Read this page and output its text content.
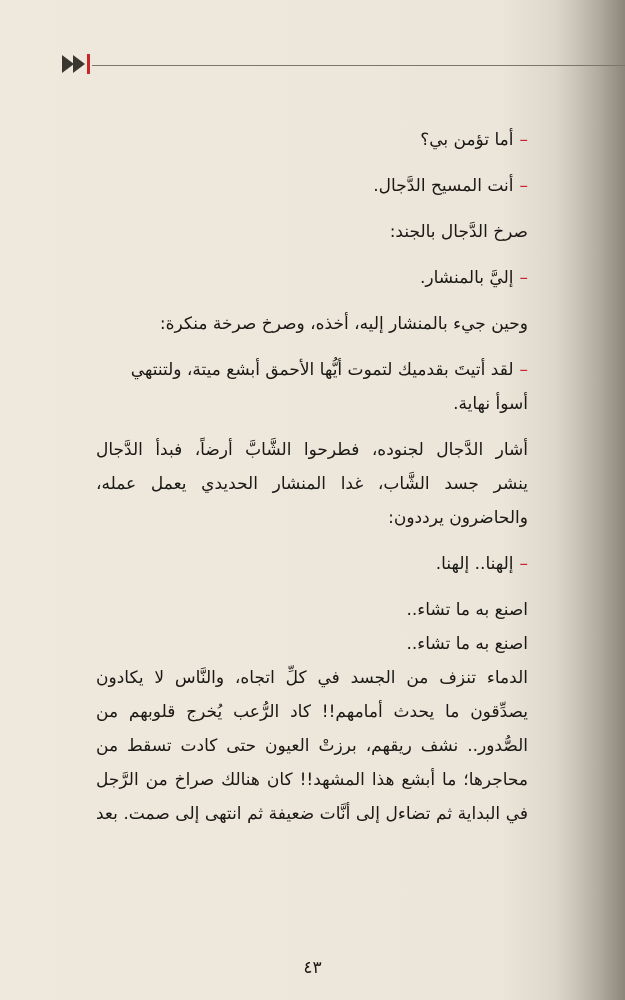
–أما تؤمن بي؟
–أنت المسيح الدَّجال.
صرخ الدَّجال بالجند:
–إليَّ بالمنشار.
وحين جيء بالمنشار إليه، أخذه، وصرخ صرخة منكرة:
–لقد أتيتَ بقدميك لتموت أيُّها الأحمق أبشع ميتة، ولتنتهي
أسوأ نهاية.
أشار الدَّجال لجنوده، فطرحوا الشَّابَّ أرضاً، فبدأ الدَّجال
ينشر جسد الشَّاب، غدا المنشار الحديدي يعمل عمله،
والحاضرون يرددون:
–إلهنا.. إلهنا.
اصنع به ما تشاء..
اصنع به ما تشاء..
الدماء تنزف من الجسد في كلِّ اتجاه، والنَّاس لا يكادون
يصدِّقون ما يحدث أمامهم!! كاد الرُّعب يُخرج قلوبهم من
الصُّدور.. نشف ريقهم، برزتْ العيون حتى كادت تسقط من
محاجرها؛ ما أبشع هذا المشهد!! كان هنالك صراخ من الرَّجل
في البداية ثم تضاءل إلى أنَّات ضعيفة ثم انتهى إلى صمت. بعد
٤٣
